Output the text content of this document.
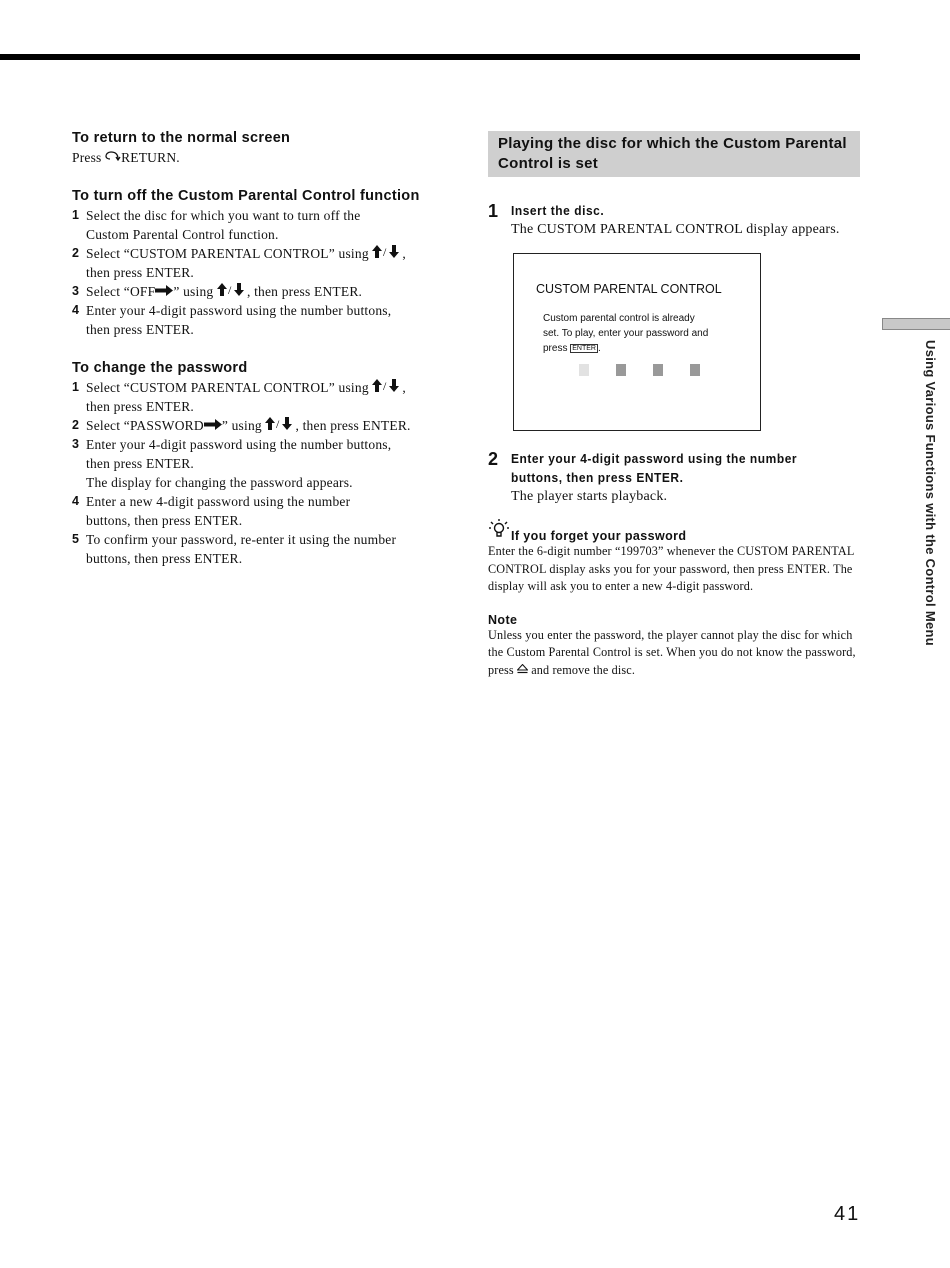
To return to the normal screen

Press RETURN.

To turn off the Custom Parental Control function

1 Select the disc for which you want to turn off the
Custom Parental Control function.
2 Select “CUSTOM PARENTAL CONTROL” using / ,
then press ENTER.
3 Select “OFF ” using / , then press ENTER.
4 Enter your 4-digit password using the number buttons,
then press ENTER.

To change the password

1 Select “CUSTOM PARENTAL CONTROL” using / ,
then press ENTER.
2 Select “PASSWORD ” using / , then press ENTER.
3 Enter your 4-digit password using the number buttons,
then press ENTER.
The display for changing the password appears.
4 Enter a new 4-digit password using the number
buttons, then press ENTER.
5 To confirm your password, re-enter it using the number
buttons, then press ENTER.
Playing the disc for which the Custom Parental Control is set
1 Insert the disc.
The CUSTOM PARENTAL CONTROL display appears.
CUSTOM PARENTAL CONTROL
Custom parental control is already set. To play, enter your password and press ENTER .
2 Enter your 4-digit password using the number buttons, then press ENTER.
The player starts playback.
If you forget your password

Enter the 6-digit number “199703” whenever the CUSTOM PARENTAL CONTROL display asks you for your password, then press ENTER. The display will ask you to enter a new 4-digit password.

Note

Unless you enter the password, the player cannot play the disc for which the Custom Parental Control is set. When you do not know the password, press  and remove the disc.

Using Various Functions with the Control Menu
41
